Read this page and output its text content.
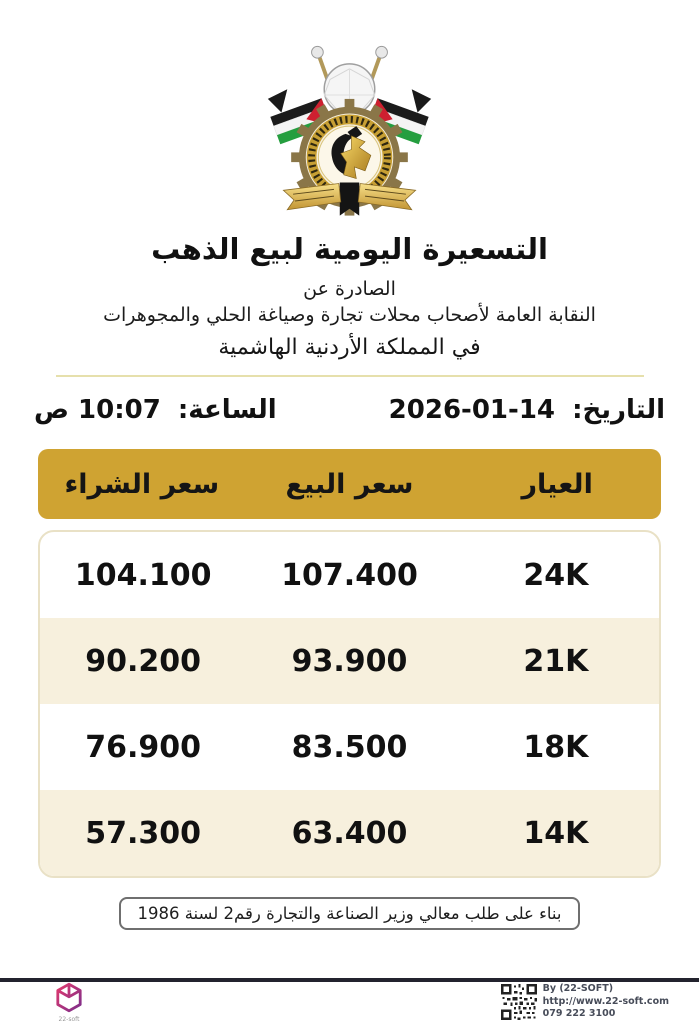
التسعيرة اليومية لبيع الذهب
الصادرة عن
النقابة العامة لأصحاب محلات تجارة وصياغة الحلي والمجوهرات
في المملكة الأردنية الهاشمية
التاريخ: 14-01-2026
الساعة: 10:07 ص
العيار
سعر البيع
سعر الشراء
24K
107.400
104.100
21K
93.900
90.200
18K
83.500
76.900
14K
63.400
57.300
بناء على طلب معالي وزير الصناعة والتجارة رقم2 لسنة 1986
22-soft
By (22-SOFT)
http://www.22-soft.com
079 222 3100
